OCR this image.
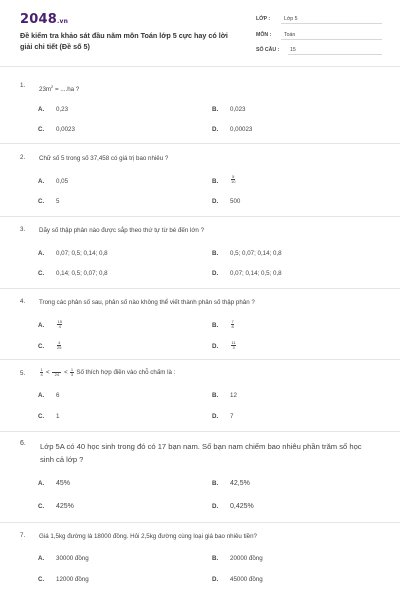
2048.vn
Đề kiểm tra khảo sát đầu năm môn Toán lớp 5 cực hay có lời giải chi tiết (Đề số 5)
LỚP :	Lớp 5
MÔN : Toán
SỐ CÂU : 15
1.
$23m^2 = ....ha$ ?
A. 0,23	B. 0,023
C. 0,0023	D. 0,00023
2. Chữ số 5 trong số 37,458 có giá trị bao nhiêu ?
A. 0,05	B.	$\frac{5}{10}$
C. 5	D. 500
3. Dãy số thập phân nào được sắp theo thứ tự từ bé đến lớn ?
A. 0,07; 0,5; 0,14; 0,8	B. 0,5; 0,07; 0,14; 0,8
C. 0,14; 0,5; 0,07; 0,8	D. 0,07; 0,14; 0,5; 0,8
4. Trong các phân số sau, phân số nào không thể viết thành phân số thập phân ?
A.	$\frac{15}{4}$	B.	$\frac{7}{8}$
C.	$\frac{4}{25}$	D.	$\frac{11}{3}$
5.	$\frac{1}{4}$ <	$24 < \frac{1}{3}$ Số thích hợp điền vào chỗ chấm là :
A. 6	B. 12
C. 1	D. 7
6. Lớp 5A có 40 học sinh trong đó có 17 bạn nam. Số bạn nam chiếm bao nhiêu phần trăm số học sinh cả lớp ?
A. 45%	B. 42,5%
C. 425%	D. 0,425%
7. Giá 1,5kg đường là 18000 đồng. Hỏi 2,5kg đường cùng loại giá bao nhiêu tiền?
A. 30000 đồng	B. 20000 đồng
C. 12000 đồng	D. 45000 đồng
